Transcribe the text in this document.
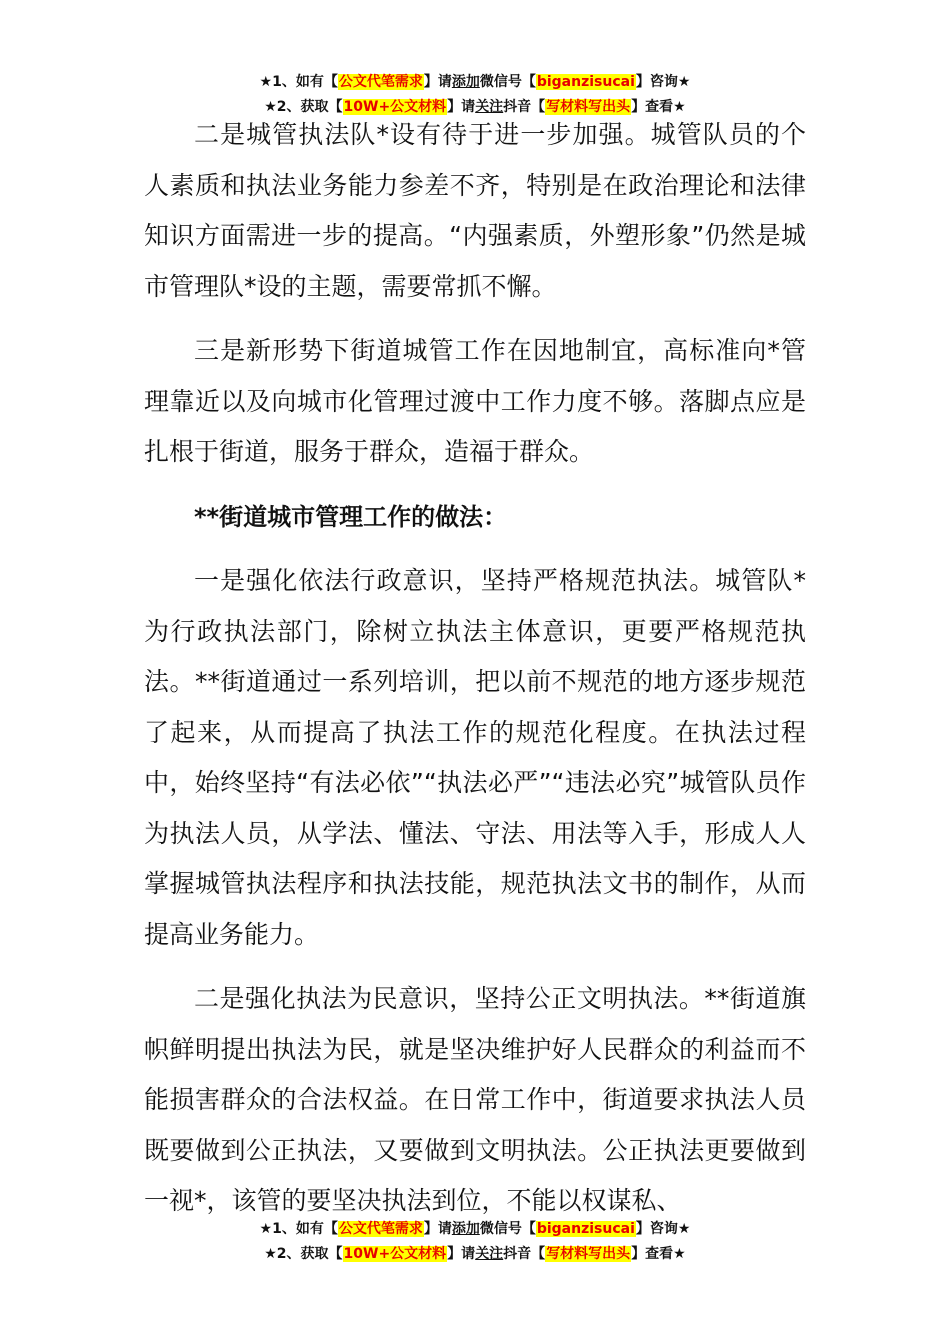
★1、如有【公文代笔需求】请添加微信号【biganzisucai】咨询★
★2、获取【10W+公文材料】请关注抖音【写材料写出头】查看★

二是城管执法队*设有待于进一步加强。城管队员的个人素质和执法业务能力参差不齐，特别是在政治理论和法律知识方面需进一步的提高。“内强素质，外塑形象”仍然是城市管理队*设的主题，需要常抓不懈。

三是新形势下街道城管工作在因地制宜，高标准向*管理靠近以及向城市化管理过渡中工作力度不够。落脚点应是扎根于街道，服务于群众，造福于群众。

**街道城市管理工作的做法：

一是强化依法行政意识，坚持严格规范执法。城管队*为行政执法部门，除树立执法主体意识，更要严格规范执法。**街道通过一系列培训，把以前不规范的地方逐步规范了起来，从而提高了执法工作的规范化程度。在执法过程中，始终坚持“有法必依”“执法必严”“违法必究”城管队员作为执法人员，从学法、懂法、守法、用法等入手，形成人人掌握城管执法程序和执法技能，规范执法文书的制作，从而提高业务能力。

二是强化执法为民意识，坚持公正文明执法。**街道旗帜鲜明提出执法为民，就是坚决维护好人民群众的利益而不能损害群众的合法权益。在日常工作中，街道要求执法人员既要做到公正执法，又要做到文明执法。公正执法更要做到一视*，该管的要坚决执法到位，不能以权谋私、

★1、如有【公文代笔需求】请添加微信号【biganzisucai】咨询★
★2、获取【10W+公文材料】请关注抖音【写材料写出头】查看★
